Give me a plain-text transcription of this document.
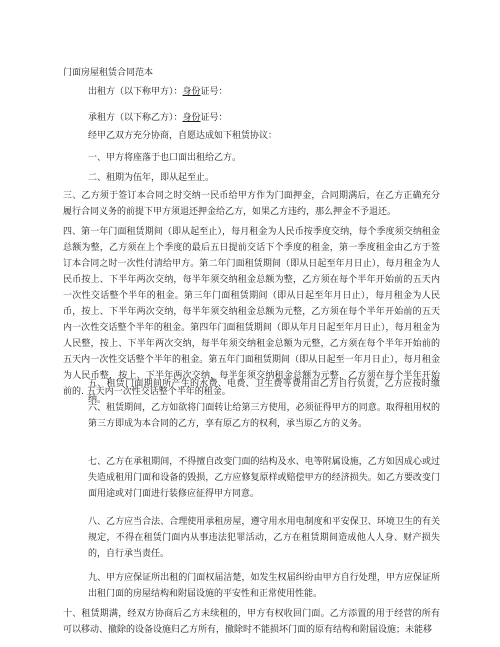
门面房屋租赁合同范本

出租方（以下称甲方）：身份证号：

承租方（以下称乙方）：身份证号：

经甲乙双方充分协商，自愿达成如下租赁协议：

一、甲方将座落于也口面出租给乙方。

二、租期为伍年，即从起至止。

三、乙方须于签订本合同之时交纳一民币给甲方作为门面押金，合同期满后，在乙方正确充分履行合同义务的前提下甲方须退还押金给乙方，如果乙方违约，那么押金不予退还。

四、第一年门面租赁期间（即从起至止），每月租金为人民币按季度交纳，每个季度须交纳租金总额为整，乙方须在上个季度的最后五日提前交话下个季度的租金，第一季度租金由乙方于签订本合同之时一次性付清给甲方。第二年门面租赁期间（即从日起至年月日止），每月租金为人民币按上、下半年两次交纳，每半年须交纳租金总额为整，乙方须在每个半年开始前的五天内一次性交话整个半年的租金。第三年门面租赁期间（即从日起至年月日止），每月租金为人民币，按上、下半年两次交纳，每半年须交纳租金总额为元整，乙方须在每个半年开始前的五天内一次性交话整个半年的租金。第四年门面租赁期间（即从年月日起至年月日止），每月租金为人民整，按上、下半年两次交纳，每半年须交纳租金总额为元整，乙方须在每个半年开始前的五天内一次性交话整个半年的租金。第五年门面租赁期间（即从日起至一年月日止），每月租金为人民币整，按上、下半年两次交纳，每半年须交纳租金总额为元整，乙方须在每个半年开始前的. 五天内一次性交话整个半年的租金。

五、租赁门面期间所产生的水费、电费、卫生费等费用由乙方自行负责，乙方应按时缴纳。

六、租赁期间，乙方如欲将门面转让给第三方使用，必须征得甲方的同意。取得租用权的第三方即成为本合同的乙方，享有原乙方的权利，承当原乙方的义务。

七、乙方在承租期间，不得擅自改变门面的结构及水、电等附属设施，乙方如因成心或过失造成租用门面和设备的毁损，乙方应修复原样或赔偿甲方的经济损失。如乙方要改变门面用途或对门面进行装修应征得甲方同意。

八、乙方应当合法、合理使用承租房屋，遵守用水用电制度和平安保卫、环境卫生的有关规定，不得在租赁门面内从事违法犯罪活动，乙方在租赁期间造成他人人身、财产损失的，自行承当责任。

九、甲方应保证所出租的门面权届洁楚，如发生权届纠纷由甲方自行处理，甲方应保证所出租门面的房屋结构和附届设施的平安性和正常使用性能。

十、租赁期满，经双方协商后乙方未续租的，甲方有权收回门面。乙方添置的用于经营的所有可以移动、撤除的设备设施归乙方所有，撤除时不能损坏门面的原有结构和附届设施；未能移
